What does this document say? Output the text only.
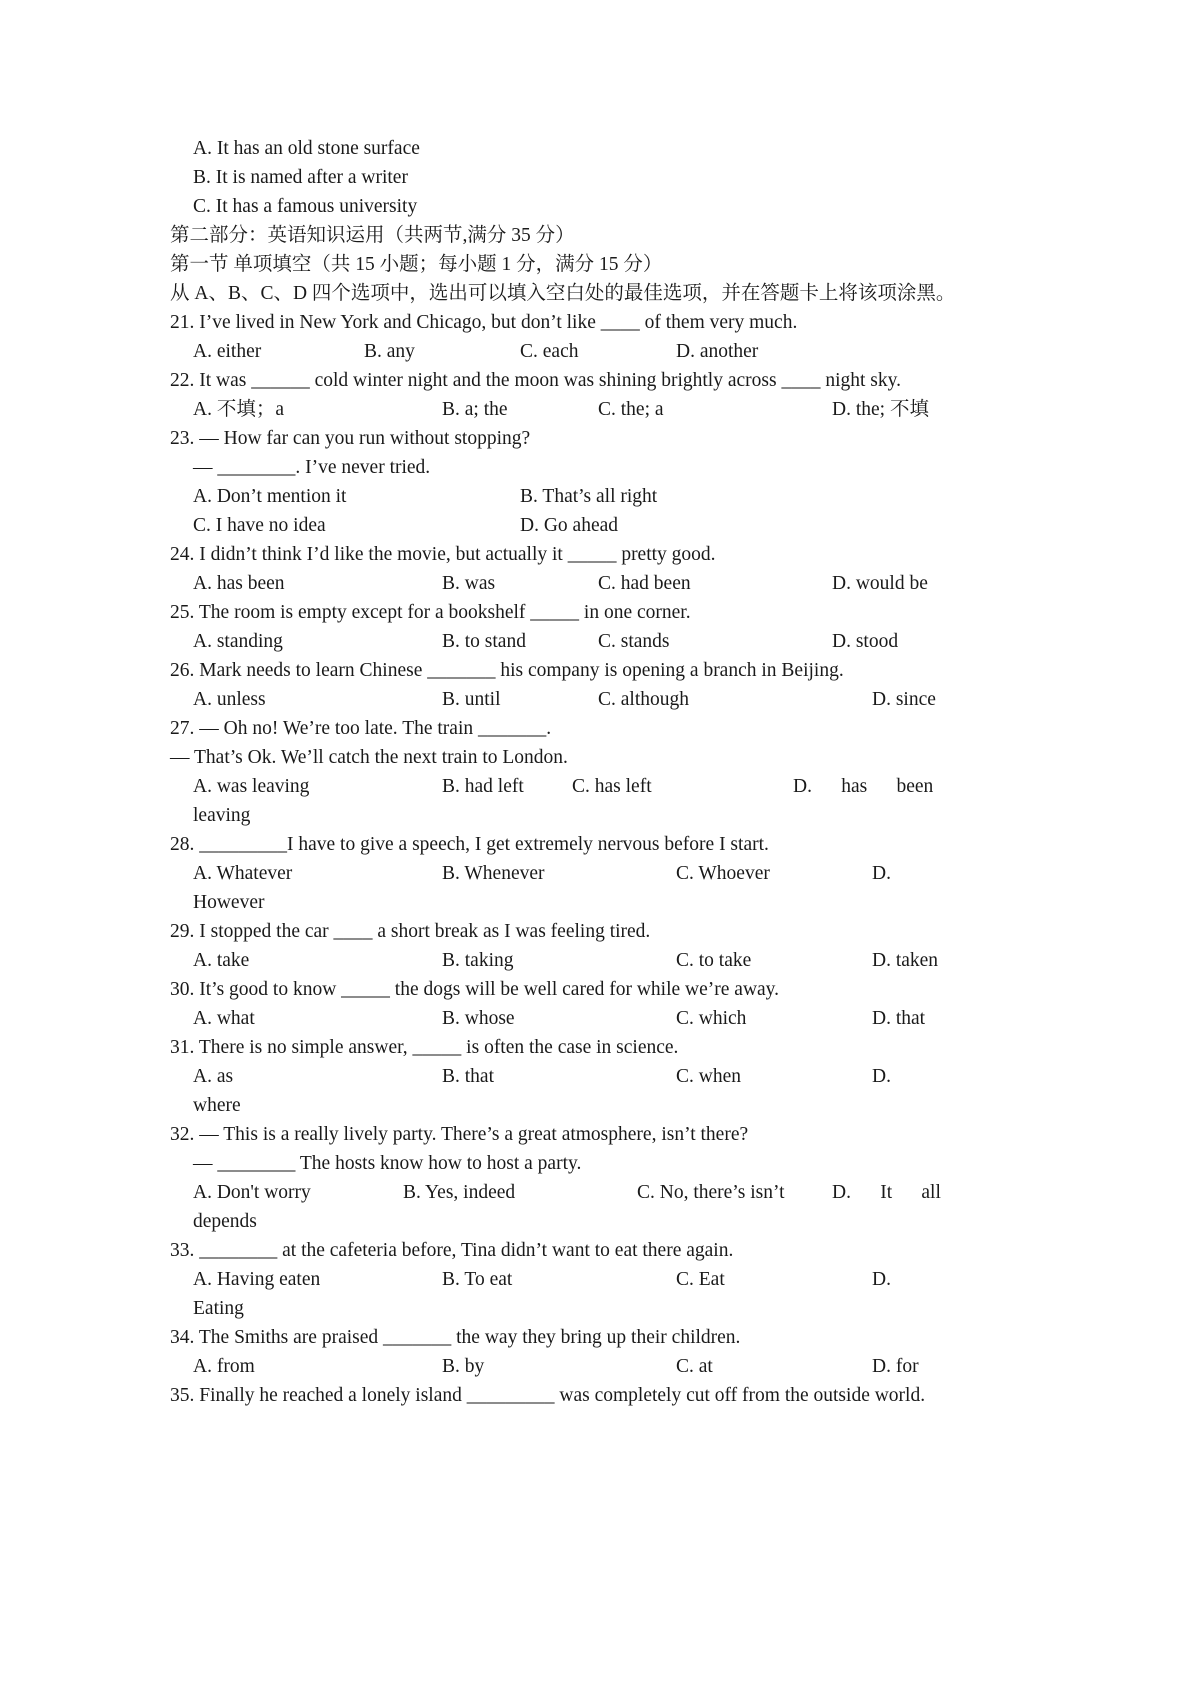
A. It has an old stone surface
B. It is named after a writer
C. It has a famous university
第二部分：英语知识运用（共两节,满分 35 分）
第一节 单项填空（共 15 小题；每小题 1 分，满分 15 分）
从 A、B、C、D 四个选项中，选出可以填入空白处的最佳选项，并在答题卡上将该项涂黑。
21. I’ve lived in New York and Chicago, but don’t like ____ of them very much.
A. either	B. any	C. each	D. another
22. It was ______ cold winter night and the moon was shining brightly across ____ night sky.
A. 不填；a	B. a; the	C. the; a	D. the; 不填
23. — How far can you run without stopping?
— ________. I’ve never tried.
A. Don’t mention it	B. That’s all right
C. I have no idea	D. Go ahead
24. I didn’t think I’d like the movie, but actually it _____ pretty good.
A. has been	B. was	C. had been	D. would be
25. The room is empty except for a bookshelf _____ in one corner.
A. standing	B. to stand	C. stands	D. stood
26. Mark needs to learn Chinese _______ his company is opening a branch in Beijing.
A. unless	B. until	C. although	D. since
27. — Oh no! We’re too late. The train _______.
— That’s Ok. We’ll catch the next train to London.
A. was leaving	B. had left C. has left	D.      has      been
leaving
28. _________I have to give a speech, I get extremely nervous before I start.
A. Whatever	B. Whenever	C. Whoever	D.
However
29. I stopped the car ____ a short break as I was feeling tired.
A. take	B. taking	C. to take	D. taken
30. It’s good to know _____ the dogs will be well cared for while we’re away.
A. what	B. whose	C. which	D. that
31. There is no simple answer, _____ is often the case in science.
A. as	B. that	C. when	D.
where
32. — This is a really lively party. There’s a great atmosphere, isn’t there?
— ________ The hosts know how to host a party.
A. Don't worry	B. Yes, indeed	C. No, there’s isn’t D.      It      all
depends
33. ________ at the cafeteria before, Tina didn’t want to eat there again.
A. Having eaten	B. To eat	C. Eat	D.
Eating
34. The Smiths are praised _______ the way they bring up their children.
A. from	B. by	C. at	D. for
35. Finally he reached a lonely island _________ was completely cut off from the outside world.
